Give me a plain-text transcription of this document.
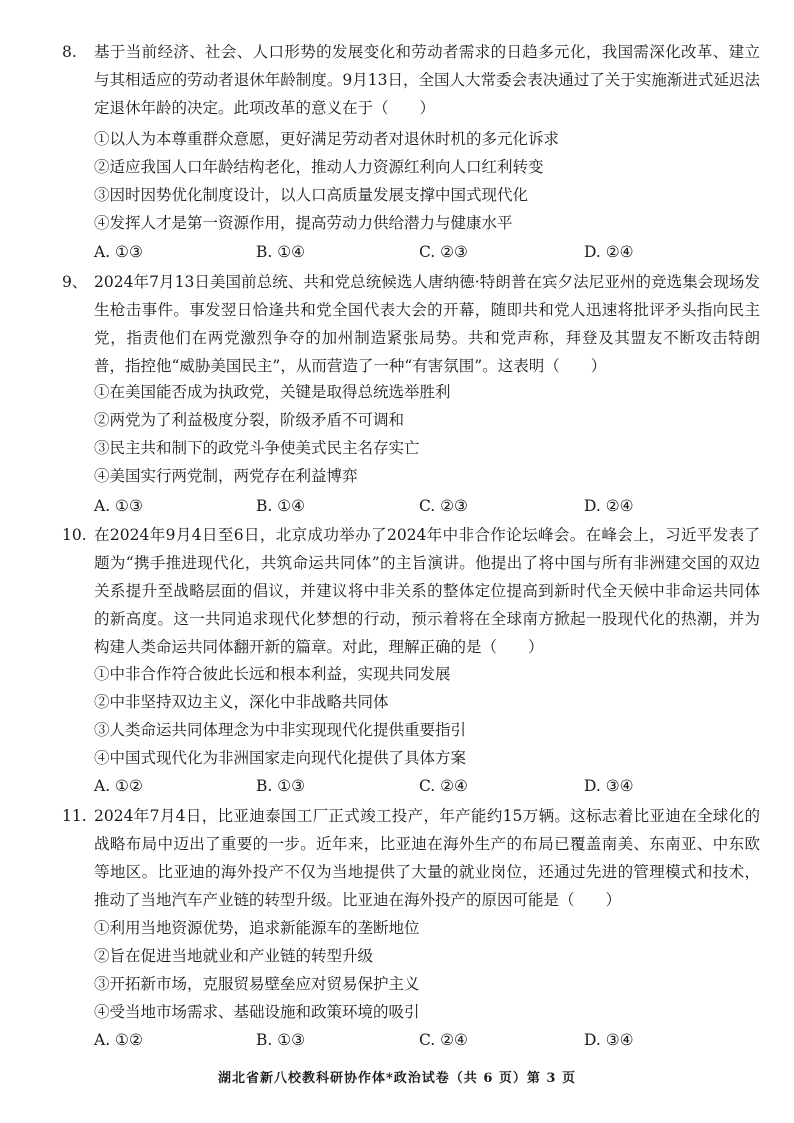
8. 基于当前经济、社会、人口形势的发展变化和劳动者需求的日趋多元化，我国需深化改革、建立与其相适应的劳动者退休年龄制度。9月13日，全国人大常委会表决通过了关于实施渐进式延迟法定退休年龄的决定。此项改革的意义在于（　　）
①以人为本尊重群众意愿，更好满足劳动者对退休时机的多元化诉求
②适应我国人口年龄结构老化，推动人力资源红利向人口红利转变
③因时因势优化制度设计，以人口高质量发展支撑中国式现代化
④发挥人才是第一资源作用，提高劳动力供给潜力与健康水平
A. ①③	B. ①④	C. ②③	D. ②④
9、 2024年7月13日美国前总统、共和党总统候选人唐纳德·特朗普在宾夕法尼亚州的竞选集会现场发生枪击事件。事发翌日恰逢共和党全国代表大会的开幕，随即共和党人迅速将批评矛头指向民主党，指责他们在两党激烈争夺的加州制造紧张局势。共和党声称，拜登及其盟友不断攻击特朗普，指控他“威胁美国民主”，从而营造了一种“有害氛围”。这表明（　　）
①在美国能否成为执政党，关键是取得总统选举胜利
②两党为了利益极度分裂，阶级矛盾不可调和
③民主共和制下的政党斗争使美式民主名存实亡
④美国实行两党制，两党存在利益博弈
A. ①③	B. ①④	C. ②③	D. ②④
10. 在2024年9月4日至6日，北京成功举办了2024年中非合作论坛峰会。在峰会上，习近平发表了题为“携手推进现代化，共筑命运共同体”的主旨演讲。他提出了将中国与所有非洲建交国的双边关系提升至战略层面的倡议，并建议将中非关系的整体定位提高到新时代全天候中非命运共同体的新高度。这一共同追求现代化梦想的行动，预示着将在全球南方掀起一股现代化的热潮，并为构建人类命运共同体翻开新的篇章。对此，理解正确的是（　　）
①中非合作符合彼此长远和根本利益，实现共同发展
②中非坚持双边主义，深化中非战略共同体
③人类命运共同体理念为中非实现现代化提供重要指引
④中国式现代化为非洲国家走向现代化提供了具体方案
A. ①②	B. ①③	C. ②④	D. ③④
11. 2024年7月4日，比亚迪泰国工厂正式竣工投产，年产能约15万辆。这标志着比亚迪在全球化的战略布局中迈出了重要的一步。近年来，比亚迪在海外生产的布局已覆盖南美、东南亚、中东欧等地区。比亚迪的海外投产不仅为当地提供了大量的就业岗位，还通过先进的管理模式和技术，推动了当地汽车产业链的转型升级。比亚迪在海外投产的原因可能是（　　）
①利用当地资源优势，追求新能源车的垄断地位
②旨在促进当地就业和产业链的转型升级
③开拓新市场，克服贸易壁垒应对贸易保护主义
④受当地市场需求、基础设施和政策环境的吸引
A. ①②	B. ①③	C. ②④	D. ③④
湖北省新八校教科研协作体*政治试卷（共 6 页）第 3 页
